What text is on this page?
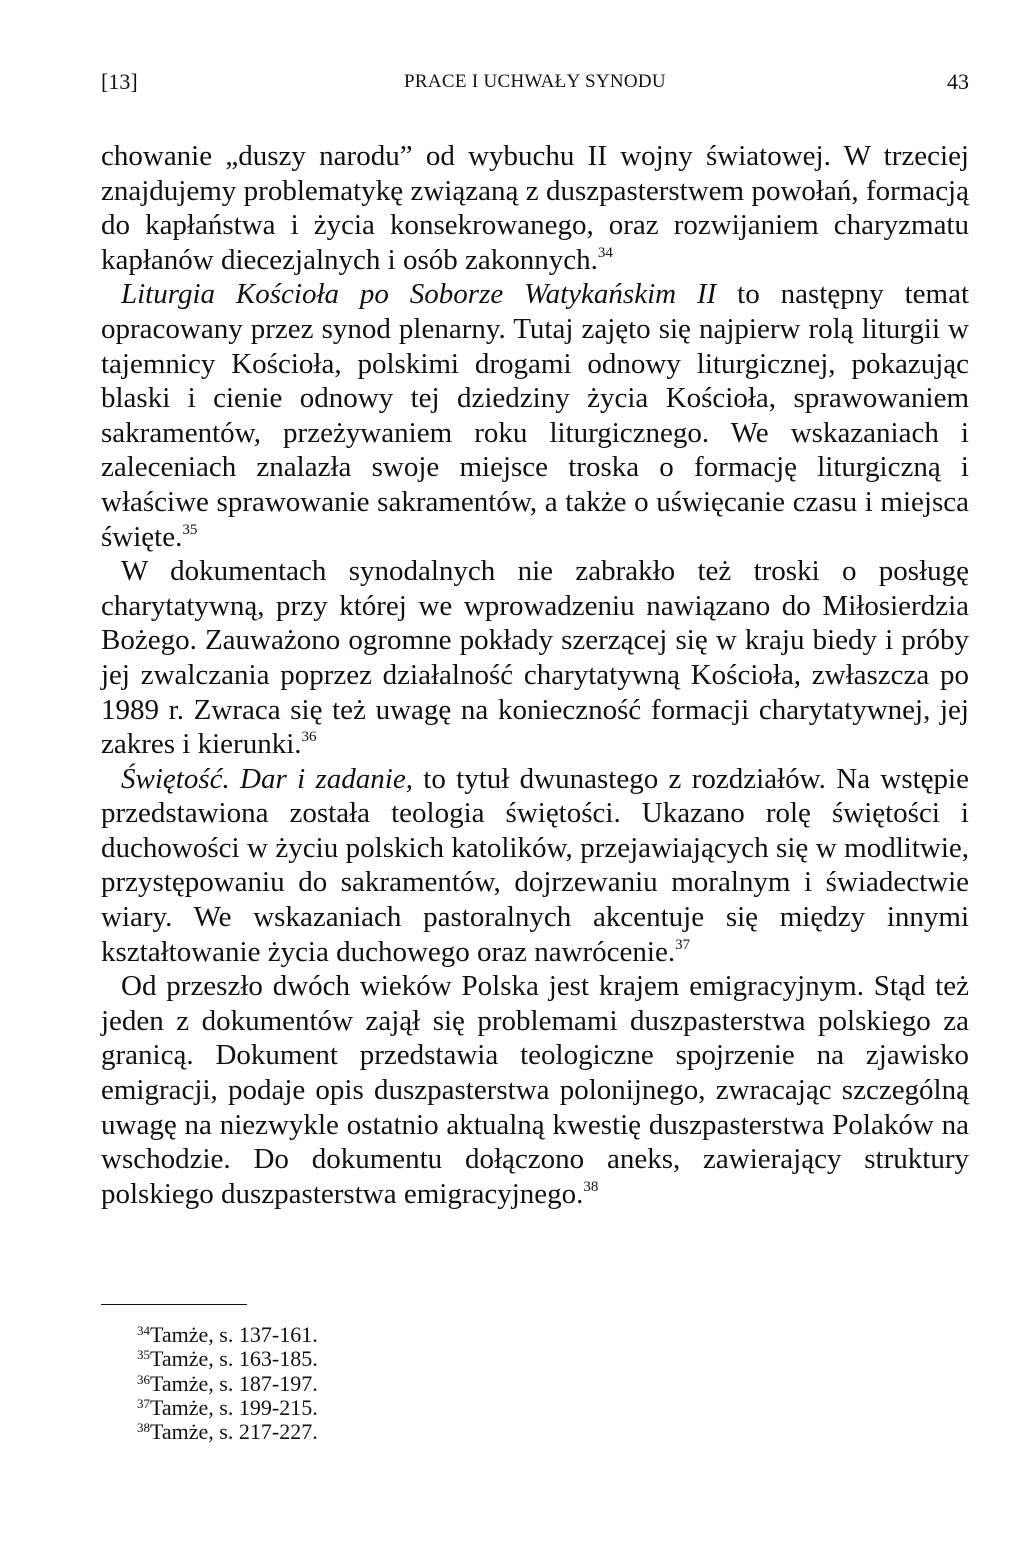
[13]	PRACE I UCHWAŁY SYNODU	43

chowanie „duszy narodu” od wybuchu II wojny światowej. W trzeciej znajdujemy problematykę związaną z duszpasterstwem powołań, formacją do kapłaństwa i życia konsekrowanego, oraz rozwijaniem charyzmatu kapłanów diecezjalnych i osób zakonnych.$^{34}$

Liturgia Kościoła po Soborze Watykańskim II to następny temat opracowany przez synod plenarny. Tutaj zajęto się najpierw rolą liturgii w tajemnicy Kościoła, polskimi drogami odnowy liturgicznej, pokazując blaski i cienie odnowy tej dziedziny życia Kościoła, sprawowaniem sakramentów, przeżywaniem roku liturgicznego. We wskazaniach i zaleceniach znalazła swoje miejsce troska o formację liturgiczną i właściwe sprawowanie sakramentów, a także o uświęcanie czasu i miejsca święte.$^{35}$

W dokumentach synodalnych nie zabrakło też troski o posługę charytatywną, przy której we wprowadzeniu nawiązano do Miłosierdzia Bożego. Zauważono ogromne pokłady szerzącej się w kraju biedy i próby jej zwalczania poprzez działalność charytatywną Kościoła, zwłaszcza po 1989 r. Zwraca się też uwagę na konieczność formacji charytatywnej, jej zakres i kierunki.$^{36}$

Świętość. Dar i zadanie, to tytuł dwunastego z rozdziałów. Na wstępie przedstawiona została teologia świętości. Ukazano rolę świętości i duchowości w życiu polskich katolików, przejawiających się w modlitwie, przystępowaniu do sakramentów, dojrzewaniu moralnym i świadectwie wiary. We wskazaniach pastoralnych akcentuje się między innymi kształtowanie życia duchowego oraz nawrócenie.$^{37}$

Od przeszło dwóch wieków Polska jest krajem emigracyjnym. Stąd też jeden z dokumentów zajął się problemami duszpasterstwa polskiego za granicą. Dokument przedstawia teologiczne spojrzenie na zjawisko emigracji, podaje opis duszpasterstwa polonijnego, zwracając szczególną uwagę na niezwykle ostatnio aktualną kwestię duszpasterstwa Polaków na wschodzie. Do dokumentu dołączono aneks, zawierający struktury polskiego duszpasterstwa emigracyjnego.$^{38}$

$^{34}$Tamże, s. 137-161.
$^{35}$Tamże, s. 163-185.
$^{36}$Tamże, s. 187-197.
$^{37}$Tamże, s. 199-215.
$^{38}$Tamże, s. 217-227.
